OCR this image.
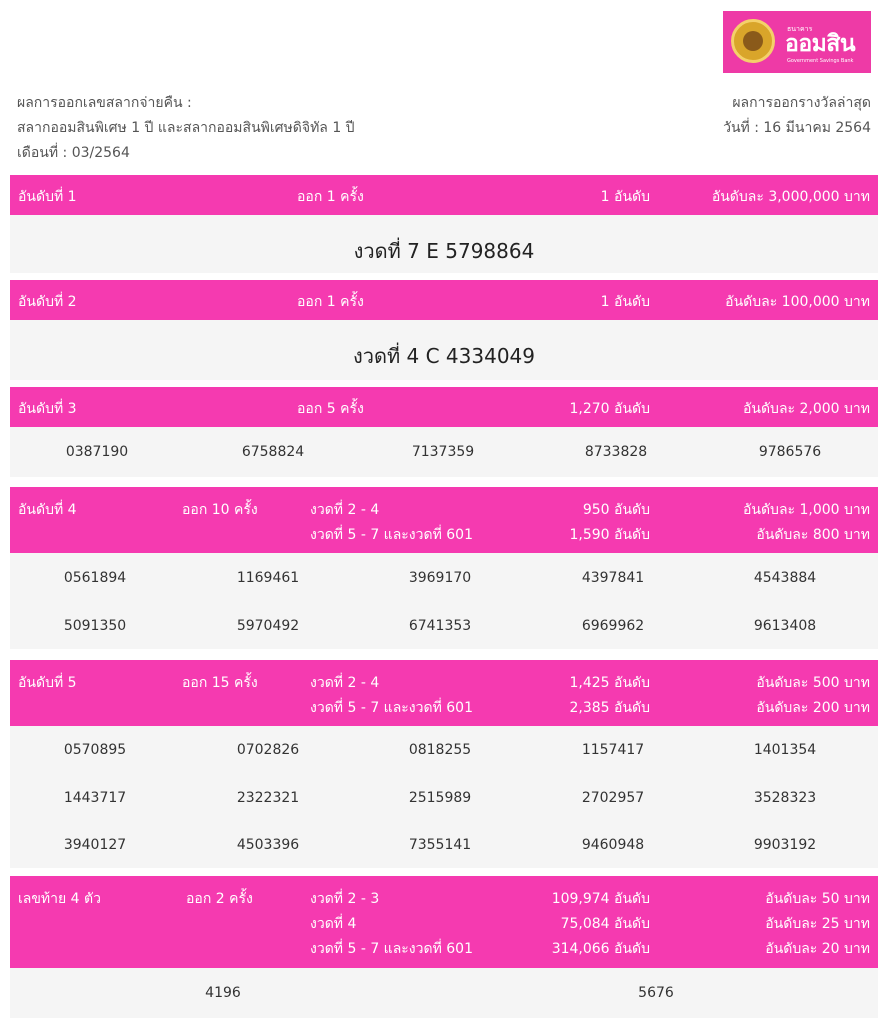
ธนาคาร
ออมสิน
Government Savings Bank
ผลการออกเลขสลากจ่ายคืน :
สลากออมสินพิเศษ 1 ปี และสลากออมสินพิเศษดิจิทัล 1 ปี
เดือนที่ : 03/2564
ผลการออกรางวัลล่าสุด
วันที่ : 16 มีนาคม 2564
อันดับที่ 1	ออก 1 ครั้ง	1 อันดับ	อันดับละ 3,000,000 บาท
งวดที่ 7 E 5798864
อันดับที่ 2	ออก 1 ครั้ง	1 อันดับ	อันดับละ 100,000 บาท
งวดที่ 4 C 4334049
อันดับที่ 3	ออก 5 ครั้ง	1,270 อันดับ	อันดับละ 2,000 บาท
0387190	6758824	7137359	8733828	9786576
อันดับที่ 4	ออก 10 ครั้ง	งวดที่ 2 - 4	950 อันดับ	อันดับละ 1,000 บาท
งวดที่ 5 - 7 และงวดที่ 601	1,590 อันดับ	อันดับละ 800 บาท
0561894	1169461	3969170	4397841	4543884
5091350	5970492	6741353	6969962	9613408
อันดับที่ 5	ออก 15 ครั้ง	งวดที่ 2 - 4	1,425 อันดับ	อันดับละ 500 บาท
งวดที่ 5 - 7 และงวดที่ 601	2,385 อันดับ	อันดับละ 200 บาท
0570895	0702826	0818255	1157417	1401354
1443717	2322321	2515989	2702957	3528323
3940127	4503396	7355141	9460948	9903192
เลขท้าย 4 ตัว	ออก 2 ครั้ง	งวดที่ 2 - 3	109,974 อันดับ	อันดับละ 50 บาท
งวดที่ 4	75,084 อันดับ	อันดับละ 25 บาท
งวดที่ 5 - 7 และงวดที่ 601	314,066 อันดับ	อันดับละ 20 บาท
4196	5676
